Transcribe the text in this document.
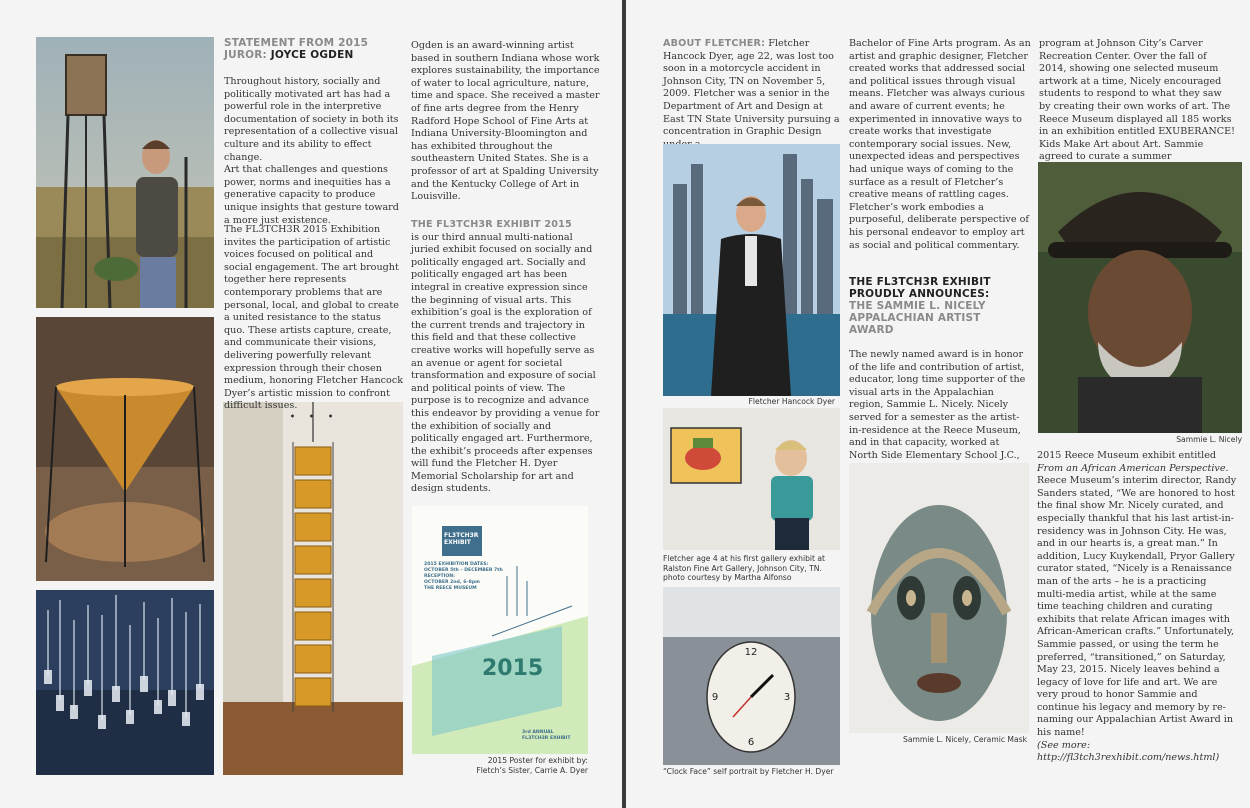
STATEMENT FROM 2015
JUROR: JOYCE OGDEN

Throughout history, socially and politically motivated art has had a powerful role in the interpretive documentation of society in both its representation of a collective visual culture and its ability to effect change.

Art that challenges and questions power, norms and inequities has a generative capacity to produce unique insights that gesture toward a more just existence.

The FL3TCH3R 2015 Exhibition invites the participation of artistic voices focused on political and social engagement. The art brought together here represents contemporary problems that are personal, local, and global to create a united resistance to the status quo. These artists capture, create, and communicate their visions, delivering powerfully relevant expression through their chosen medium, honoring Fletcher Hancock Dyer’s artistic mission to confront difficult issues.

• • •

Ogden is an award-winning artist based in southern Indiana whose work explores sustainability, the importance of water to local agriculture, nature, time and space. She received a master of fine arts degree from the Henry Radford Hope School of Fine Arts at Indiana University-Bloomington and has exhibited throughout the southeastern United States. She is a professor of art at Spalding University and the Kentucky College of Art in Louisville.

THE FL3TCH3R EXHIBIT 2015

is our third annual multi-national juried exhibit focused on socially and politically engaged art. Socially and politically engaged art has been integral in creative expression since the beginning of visual arts. This exhibition’s goal is the exploration of the current trends and trajectory in this field and that these collective creative works will hopefully serve as an avenue or agent for societal transformation and exposure of social and political points of view. The purpose is to recognize and advance this endeavor by providing a venue for the exhibition of socially and politically engaged art. Furthermore, the exhibit’s proceeds after expenses will fund the Fletcher H. Dyer Memorial Scholarship for art and design students.

FL3TCH3R
EXHIBIT
2015 EXHIBITION DATES:
OCTOBER 5th – DECEMBER 7th
RECEPTION:
OCTOBER 2nd, 6–8pm
THE REECE MUSEUM
2015
3rd ANNUAL
FL3TCH3R EXHIBIT
2015 Poster for exhibit by:
Fletch’s Sister, Carrie A. Dyer

ABOUT FLETCHER: Fletcher Hancock Dyer, age 22, was lost too soon in a motorcycle accident in Johnson City, TN on November 5, 2009. Fletcher was a senior in the Department of Art and Design at East TN State University pursuing a concentration in Graphic Design

Fletcher Hancock Dyer
Fletcher age 4 at his first gallery exhibit at Ralston Fine Art Gallery, Johnson City, TN. photo courtesy by Martha Alfonso
12
3
6
9
“Clock Face” self portrait by Fletcher H. Dyer

Bachelor of Fine Arts program. As an artist and graphic designer, Fletcher created works that addressed social and political issues through visual means. Fletcher was always curious and aware of current events; he experimented in innovative ways to create works that investigate contemporary social issues. New, unexpected ideas and perspectives had unique ways of coming to the surface as a result of Fletcher’s creative means of rattling cages. Fletcher’s work embodies a purposeful, deliberate perspective of his personal endeavor to employ art as social and political commentary.

THE FL3TCH3R EXHIBIT
PROUDLY ANNOUNCES:
THE SAMMIE L. NICELY
APPALACHIAN ARTIST
AWARD

The newly named award is in honor of the life and contribution of artist, educator, long time supporter of the visual arts in the Appalachian region, Sammie L. Nicely. Nicely served for a semester as the artist-in-residence at the Reece Museum, and in that capacity, worked at North Side Elementary School J.C.,

Sammie L. Nicely, Ceramic Mask

program at Johnson City’s Carver Recreation Center. Over the fall of 2014, showing one selected museum artwork at a time, Nicely encouraged students to respond to what they saw by creating their own works of art. The Reece Museum displayed all 185 works in an exhibition entitled EXUBERANCE! Kids Make Art about Art. Sammie agreed to curate a summer

Sammie L. Nicely

2015 Reece Museum exhibit entitled From an African American Perspective. Reece Museum’s interim director, Randy Sanders stated, “We are honored to host the final show Mr. Nicely curated, and especially thankful that his last artist-in-residency was in Johnson City. He was, and in our hearts is, a great man.” In addition, Lucy Kuykendall, Pryor Gallery curator stated, “Nicely is a Renaissance man of the arts – he is a practicing multi-media artist, while at the same time teaching children and curating exhibits that relate African images with African-American crafts.” Unfortunately, Sammie passed, or using the term he preferred, “transitioned,” on Saturday, May 23, 2015. Nicely leaves behind a legacy of love for life and art. We are very proud to honor Sammie and continue his legacy and memory by re-naming our Appalachian Artist Award in his name!

(See more: http://fl3tch3rexhibit.com/news.html)
